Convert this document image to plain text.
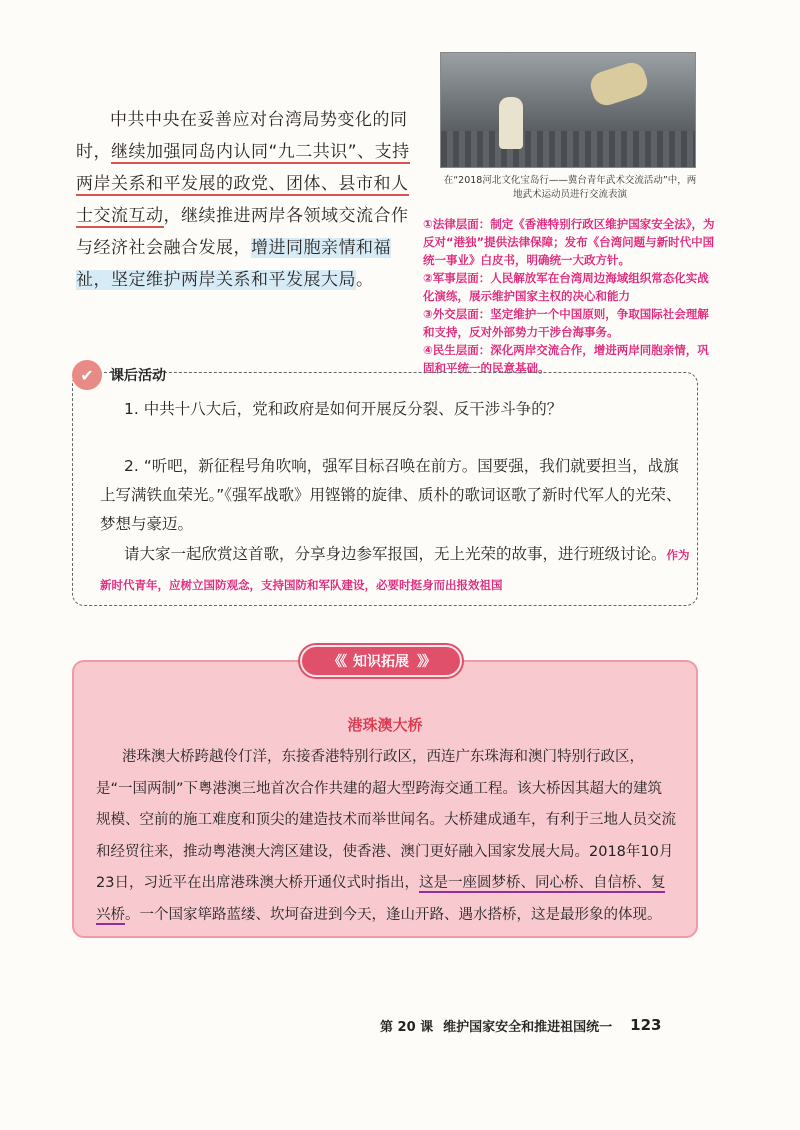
中共中央在妥善应对台湾局势变化的同时，继续加强同岛内认同“九二共识”、支持两岸关系和平发展的政党、团体、县市和人士交流互动，继续推进两岸各领域交流合作与经济社会融合发展，增进同胞亲情和福祉，坚定维护两岸关系和平发展大局。
在“2018河北文化宝岛行——冀台青年武术交流活动”中，两地武术运动员进行交流表演

①法律层面：制定《香港特别行政区维护国家安全法》，为反对“港独”提供法律保障；发布《台湾问题与新时代中国统一事业》白皮书，明确统一大政方针。

②军事层面：人民解放军在台湾周边海域组织常态化实战化演练，展示维护国家主权的决心和能力

③外交层面：坚定维护一个中国原则，争取国际社会理解和支持，反对外部势力干涉台海事务。

④民生层面：深化两岸交流合作，增进两岸同胞亲情，巩固和平统一的民意基础。

✔	课后活动
1. 中共十八大后，党和政府是如何开展反分裂、反干涉斗争的？
2. “听吧，新征程号角吹响，强军目标召唤在前方。国要强，我们就要担当，战旗上写满铁血荣光。”《强军战歌》用铿锵的旋律、质朴的歌词讴歌了新时代军人的光荣、梦想与豪迈。
请大家一起欣赏这首歌，分享身边参军报国，无上光荣的故事，进行班级讨论。作为新时代青年，应树立国防观念，支持国防和军队建设，必要时挺身而出报效祖国
《《 知识拓展 》》
港珠澳大桥
港珠澳大桥跨越伶仃洋，东接香港特别行政区，西连广东珠海和澳门特别行政区，是“一国两制”下粤港澳三地首次合作共建的超大型跨海交通工程。该大桥因其超大的建筑规模、空前的施工难度和顶尖的建造技术而举世闻名。大桥建成通车，有利于三地人员交流和经贸往来，推动粤港澳大湾区建设，使香港、澳门更好融入国家发展大局。2018年10月23日，习近平在出席港珠澳大桥开通仪式时指出，这是一座圆梦桥、同心桥、自信桥、复兴桥。一个国家筚路蓝缕、坎坷奋进到今天，逢山开路、遇水搭桥，这是最形象的体现。
第 20 课 维护国家安全和推进祖国统一 123
